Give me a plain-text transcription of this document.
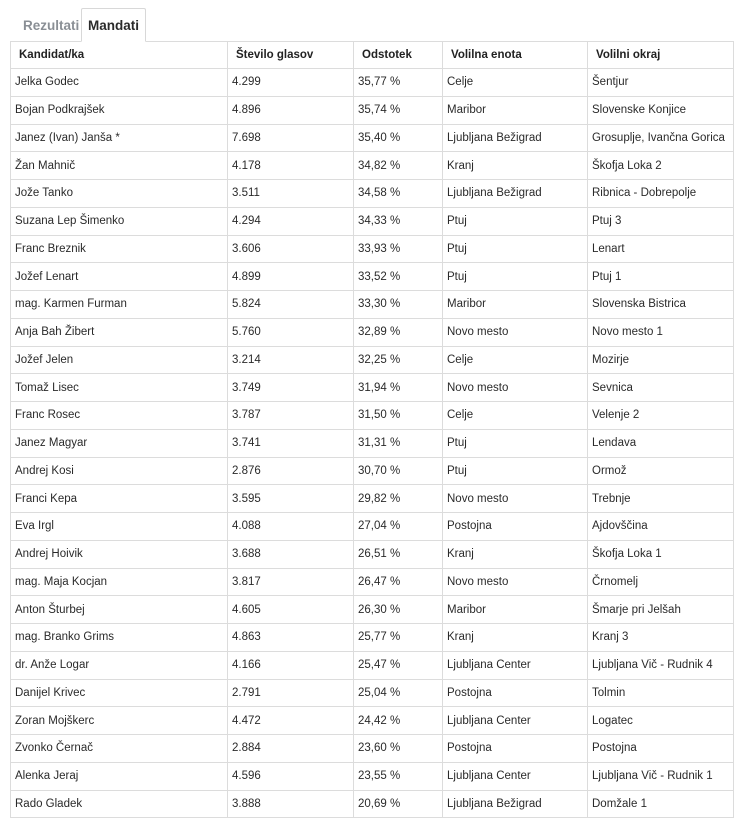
Rezultati Mandati
Kandidat/ka	Število glasov	Odstotek	Volilna enota	Volilni okraj
Jelka Godec	4.299	35,77 %	Celje	Šentjur
Bojan Podkrajšek	4.896	35,74 %	Maribor	Slovenske Konjice
Janez (Ivan) Janša *	7.698	35,40 %	Ljubljana Bežigrad	Grosuplje, Ivančna Gorica
Žan Mahnič	4.178	34,82 %	Kranj	Škofja Loka 2
Jože Tanko	3.511	34,58 %	Ljubljana Bežigrad	Ribnica - Dobrepolje
Suzana Lep Šimenko	4.294	34,33 %	Ptuj	Ptuj 3
Franc Breznik	3.606	33,93 %	Ptuj	Lenart
Jožef Lenart	4.899	33,52 %	Ptuj	Ptuj 1
mag. Karmen Furman	5.824	33,30 %	Maribor	Slovenska Bistrica
Anja Bah Žibert	5.760	32,89 %	Novo mesto	Novo mesto 1
Jožef Jelen	3.214	32,25 %	Celje	Mozirje
Tomaž Lisec	3.749	31,94 %	Novo mesto	Sevnica
Franc Rosec	3.787	31,50 %	Celje	Velenje 2
Janez Magyar	3.741	31,31 %	Ptuj	Lendava
Andrej Kosi	2.876	30,70 %	Ptuj	Ormož
Franci Kepa	3.595	29,82 %	Novo mesto	Trebnje
Eva Irgl	4.088	27,04 %	Postojna	Ajdovščina
Andrej Hoivik	3.688	26,51 %	Kranj	Škofja Loka 1
mag. Maja Kocjan	3.817	26,47 %	Novo mesto	Črnomelj
Anton Šturbej	4.605	26,30 %	Maribor	Šmarje pri Jelšah
mag. Branko Grims	4.863	25,77 %	Kranj	Kranj 3
dr. Anže Logar	4.166	25,47 %	Ljubljana Center	Ljubljana Vič - Rudnik 4
Danijel Krivec	2.791	25,04 %	Postojna	Tolmin
Zoran Mojškerc	4.472	24,42 %	Ljubljana Center	Logatec
Zvonko Černač	2.884	23,60 %	Postojna	Postojna
Alenka Jeraj	4.596	23,55 %	Ljubljana Center	Ljubljana Vič - Rudnik 1
Rado Gladek	3.888	20,69 %	Ljubljana Bežigrad	Domžale 1
